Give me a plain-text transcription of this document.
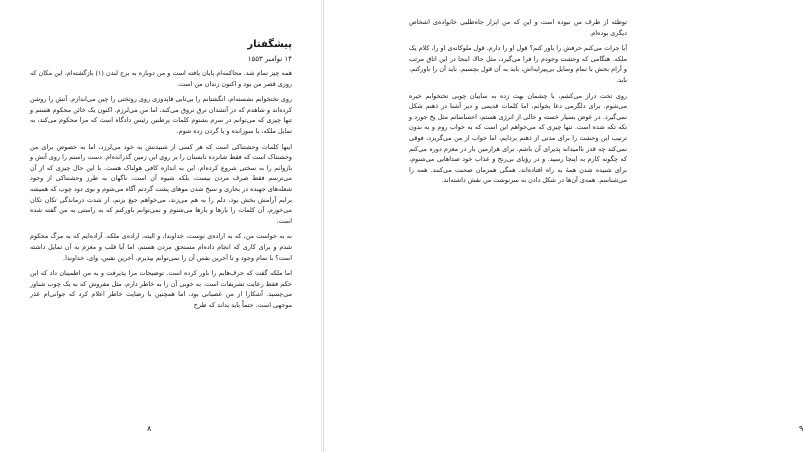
پیشگفتار
۱۴ نوامبر ۱۵۵۳

همه چیز تمام شد. محاکمه‌ام پایان یافته است و من دوباره به برج لندن (۱) بازگشته‌ام، این مکان که روزی قصر من بود و اکنون زندان من است.

روی تختخوابم نشسته‌ام، انگشتانم را بی‌تابی قاپدوزی روی روتختی را چین می‌اندازم. آتش را روشن کرده‌اند و شاهدم که در آتشدان ترق تروق می‌کند، اما من می‌لرزم. اکنون یک خائن محکوم هستم و تنها چیزی که می‌توانم در سرم بشنوم کلمات پرطنین رئیس دادگاه است که مرا محکوم می‌کند، به تمایل ملکه، با سوزانده و یا گردن زده شوم.

اینها کلمات وحشتناکی است که هر کسی از شنیدنش به خود می‌لرزد، اما به خصوص برای من وحشتناک است که فقط شانزده تابستان را بر روی این زمین گذرانده‌ام. دست راستم را روی آتش و بازوانم را به سختی شروع کرده‌ام. این به اندازه کافی هولناک هست. با این حال چیزی که از آن می‌ترسم فقط صرف مردن نیست، بلکه شیوه آن است، ناگهان به طرز وحشتناکی از وجود شعله‌های جهنده در بخاری و سیخ شدن موهای پشت گردنم آگاه می‌شوم و بوی دود چوب که همیشه برایم آرامش بخش بود، دلم را به هم می‌زند، می‌خواهم جیغ بزنم، از شدت درماندگی تکان تکان می‌خورم، آن کلمات را بارها و بارها می‌شنوم و نمی‌توانم باورکنم که به راستی به من گفته شده است.

نه به خواست من، که به اراده‌ی توست، خداوندا، و البته، اراده‌ی ملکه. آزاده‌ایم که به مرگ محکوم شدم و برای کاری که انجام داده‌ام مستحق مردن هستم، اما آیا قلب و مغزم به آن تمایل داشته است؟ با تمام وجود و تا آخرین نفس آن را نمی‌توانم بپذیرم. آخرین نفس، وای، خداوندا.

اما ملکه گفت که حرف‌هایم را باور کرده است. توضیحات مرا پذیرفت و به من اطمینان داد که این حکم فقط رعایت تشریفات است. به خوبی آن را به خاطر دارم، مثل مفروش که به یک چوب شناور می‌چسبد. آشکارا از من عصبانی بود، اما همچنین با رضایت خاطر اعلام کرد که جوانی‌ام عذر موجهی است. حتماً باید بداند که طرح

۸

توطئه از طرف من نبوده است و این که من ابزار جاه‌طلبی خانواده‌ی اشخاص دیگری بوده‌ام.

آیا جرات می‌کنم حرفش را باور کنم؟ قول او را دارم، قول ملوکانه‌ی او را، کلام یک ملکه. هنگامی که وحشت وجودم را فرا می‌گیرد، مثل حالا، اینجا در این اتاق مرتب و آرام بخش با تمام وسایل بی‌پیرایه‌اش، باید به آن قول بچسبم. باید آن را باورکنم، باید.

روی تخت دراز می‌کشم، با چشمان بهت زده به سایبان چوبی تختخوابم خیره می‌شوم. برای دلگرمی دعا بخوانم، اما کلمات قدیمی و دیر آشنا در ذهنم شکل نمی‌گیرد. در عوض بسیار خسته و خالی از انرژی هستم، احساساتم مثل یخ جورد و تکه تکه شده است. تنها چیزی که می‌خواهم این است که به خواب روم و به بدون ترتیب این وحشت را برای مدتی از ذهنم بزدایم، اما خواب از من می‌گریزد، فوقی نمی‌کند چه قدر ناامیدانه پذیرای آن باشم. برای هزارمین بار در مغزم دوره می‌کنم که چگونه کارم به اینجا رسید. و در رؤیای بی‌رنج و عذاب خود صداهایی می‌شنوم، برای شنیده شدن همهٔ به راه افتاده‌اند، همگی همزمان صحبت می‌کنند. همه را می‌شناسم. همه‌ی آن‌ها در شکل دادن به سرنوشت من نقش داشته‌اند.

۹
